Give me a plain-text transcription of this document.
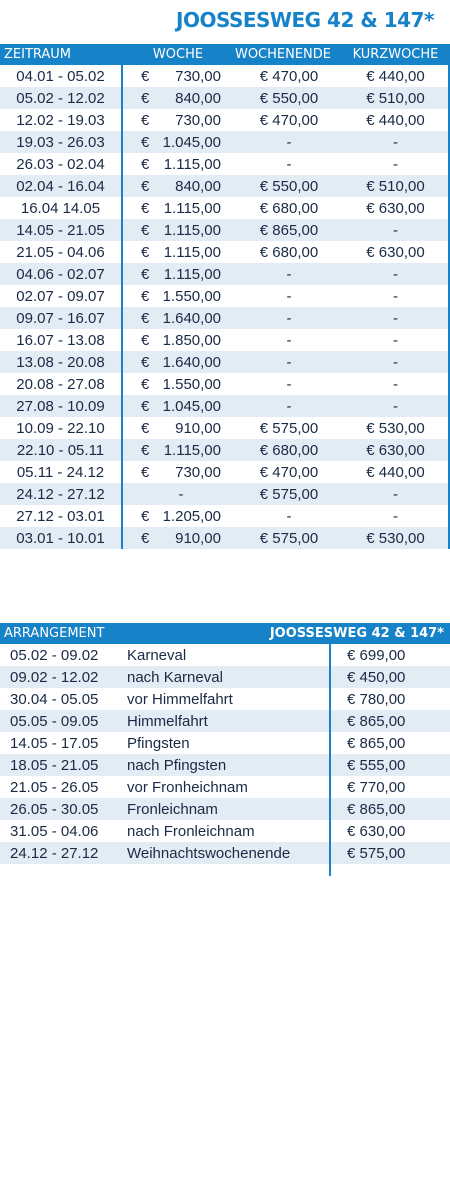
JOOSSESWEG 42 & 147*
ZEITRAUM	WOCHE	WOCHENENDE	KURZWOCHE
04.01 - 05.02	€ 730,00	€ 470,00	€ 440,00
05.02 - 12.02	€ 840,00	€ 550,00	€ 510,00
12.02 - 19.03	€ 730,00	€ 470,00	€ 440,00
19.03 - 26.03	€ 1.045,00	-	-
26.03 - 02.04	€ 1.115,00	-	-
02.04 - 16.04	€ 840,00	€ 550,00	€ 510,00
16.04 14.05	€ 1.115,00	€ 680,00	€ 630,00
14.05 - 21.05	€ 1.115,00	€ 865,00	-
21.05 - 04.06	€ 1.115,00	€ 680,00	€ 630,00
04.06 - 02.07	€ 1.115,00	-	-
02.07 - 09.07	€ 1.550,00	-	-
09.07 - 16.07	€ 1.640,00	-	-
16.07 - 13.08	€ 1.850,00	-	-
13.08 - 20.08	€ 1.640,00	-	-
20.08 - 27.08	€ 1.550,00	-	-
27.08 - 10.09	€ 1.045,00	-	-
10.09 - 22.10	€ 910,00	€ 575,00	€ 530,00
22.10 - 05.11	€ 1.115,00	€ 680,00	€ 630,00
05.11 - 24.12	€ 730,00	€ 470,00	€ 440,00
24.12 - 27.12	-	€ 575,00	-
27.12 - 03.01	€ 1.205,00	-	-
03.01 - 10.01	€ 910,00	€ 575,00	€ 530,00
ARRANGEMENT	JOOSSESWEG 42 & 147*
05.02 - 09.02	Karneval	€ 699,00
09.02 - 12.02	nach Karneval	€ 450,00
30.04 - 05.05	vor Himmelfahrt	€ 780,00
05.05 - 09.05	Himmelfahrt	€ 865,00
14.05 - 17.05	Pfingsten	€ 865,00
18.05 - 21.05	nach Pfingsten	€ 555,00
21.05 - 26.05	vor Fronheichnam	€ 770,00
26.05 - 30.05	Fronleichnam	€ 865,00
31.05 - 04.06	nach Fronleichnam	€ 630,00
24.12 - 27.12	Weihnachtswochenende	€ 575,00
